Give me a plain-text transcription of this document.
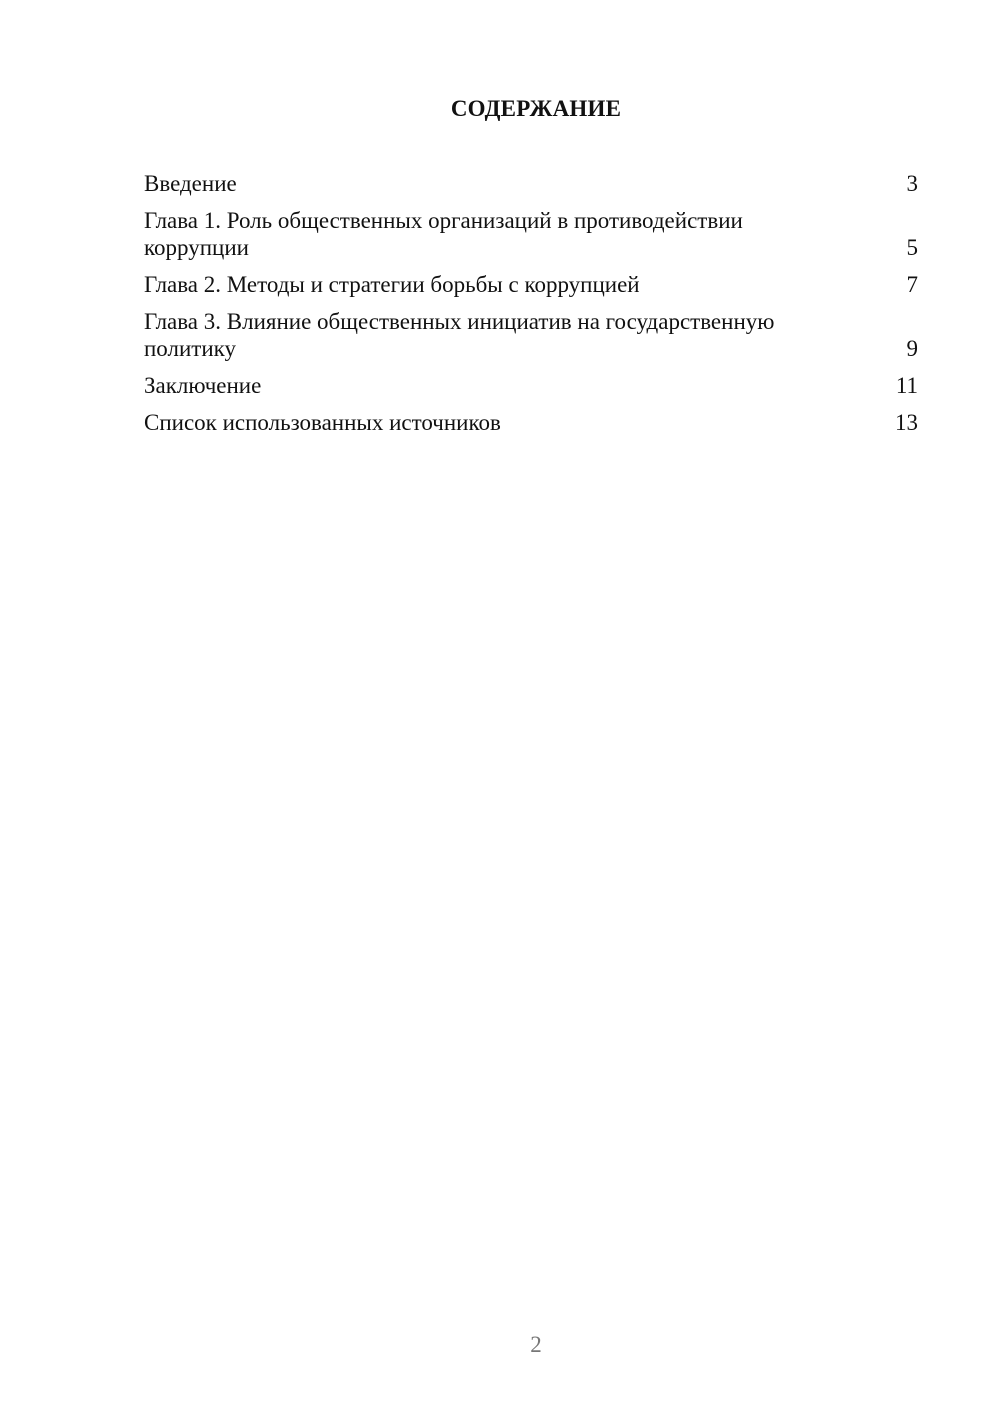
СОДЕРЖАНИЕ
Введение	3
Глава 1. Роль общественных организаций в противодействии коррупции	5
Глава 2. Методы и стратегии борьбы с коррупцией	7
Глава 3. Влияние общественных инициатив на государственную политику	9
Заключение	11
Список использованных источников	13
2
